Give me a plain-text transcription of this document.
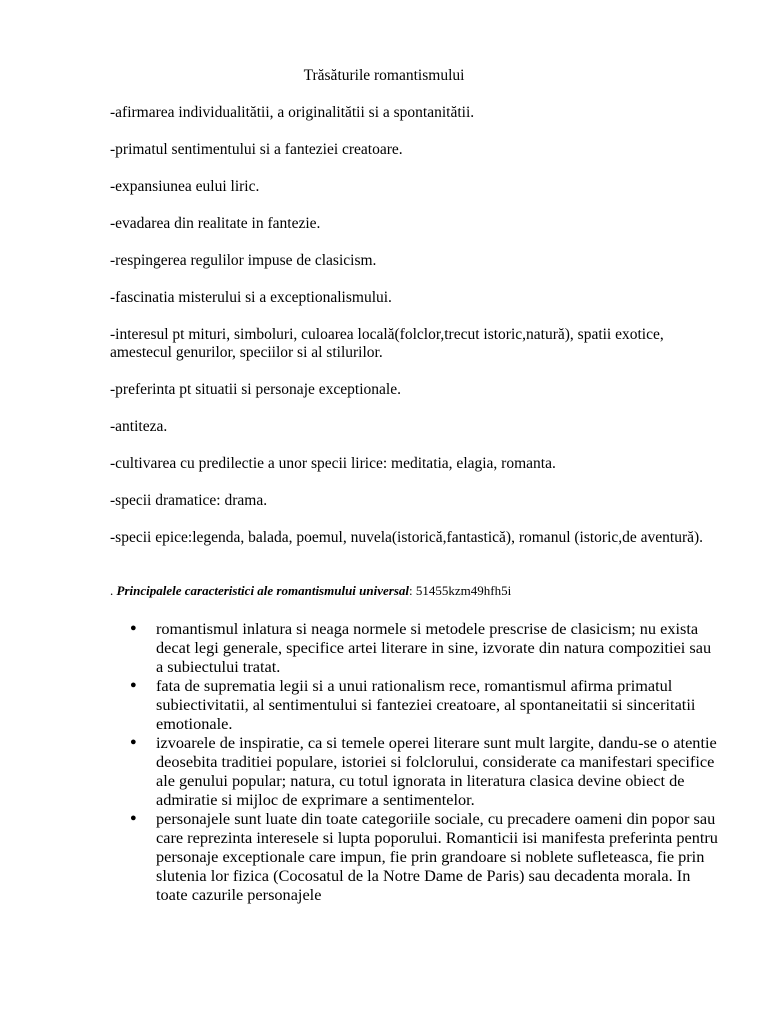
Trăsăturile romantismului
-afirmarea individualitătii, a originalitătii si a spontanitătii.
-primatul sentimentului si a fanteziei creatoare.
-expansiunea eului liric.
-evadarea din realitate in fantezie.
-respingerea regulilor impuse de clasicism.
-fascinatia misterului si a exceptionalismului.
-interesul pt mituri, simboluri, culoarea locală(folclor,trecut istoric,natură), spatii exotice, amestecul genurilor, speciilor si al stilurilor.
-preferinta pt situatii si personaje exceptionale.
-antiteza.
-cultivarea cu predilectie a unor specii lirice: meditatia, elagia, romanta.
-specii dramatice: drama.
-specii epice:legenda, balada, poemul, nuvela(istorică,fantastică), romanul (istoric,de aventură).
. Principalele caracteristici ale romantismului universal: 51455kzm49hfh5i
● romantismul inlatura si neaga normele si metodele prescrise de clasicism; nu exista decat legi generale, specifice artei literare in sine, izvorate din natura compozitiei sau a subiectului tratat.
● fata de suprematia legii si a unui rationalism rece, romantismul afirma primatul subiectivitatii, al sentimentului si fanteziei creatoare, al spontaneitatii si sinceritatii emotionale.
● izvoarele de inspiratie, ca si temele operei literare sunt mult largite, dandu-se o atentie deosebita traditiei populare, istoriei si folclorului, considerate ca manifestari specifice ale genului popular; natura, cu totul ignorata in literatura clasica devine obiect de admiratie si mijloc de exprimare a sentimentelor.
● personajele sunt luate din toate categoriile sociale, cu precadere oameni din popor sau care reprezinta interesele si lupta poporului. Romanticii isi manifesta preferinta pentru personaje exceptionale care impun, fie prin grandoare si noblete sufleteasca, fie prin slutenia lor fizica (Cocosatul de la Notre Dame de Paris) sau decadenta morala. In toate cazurile personajele
